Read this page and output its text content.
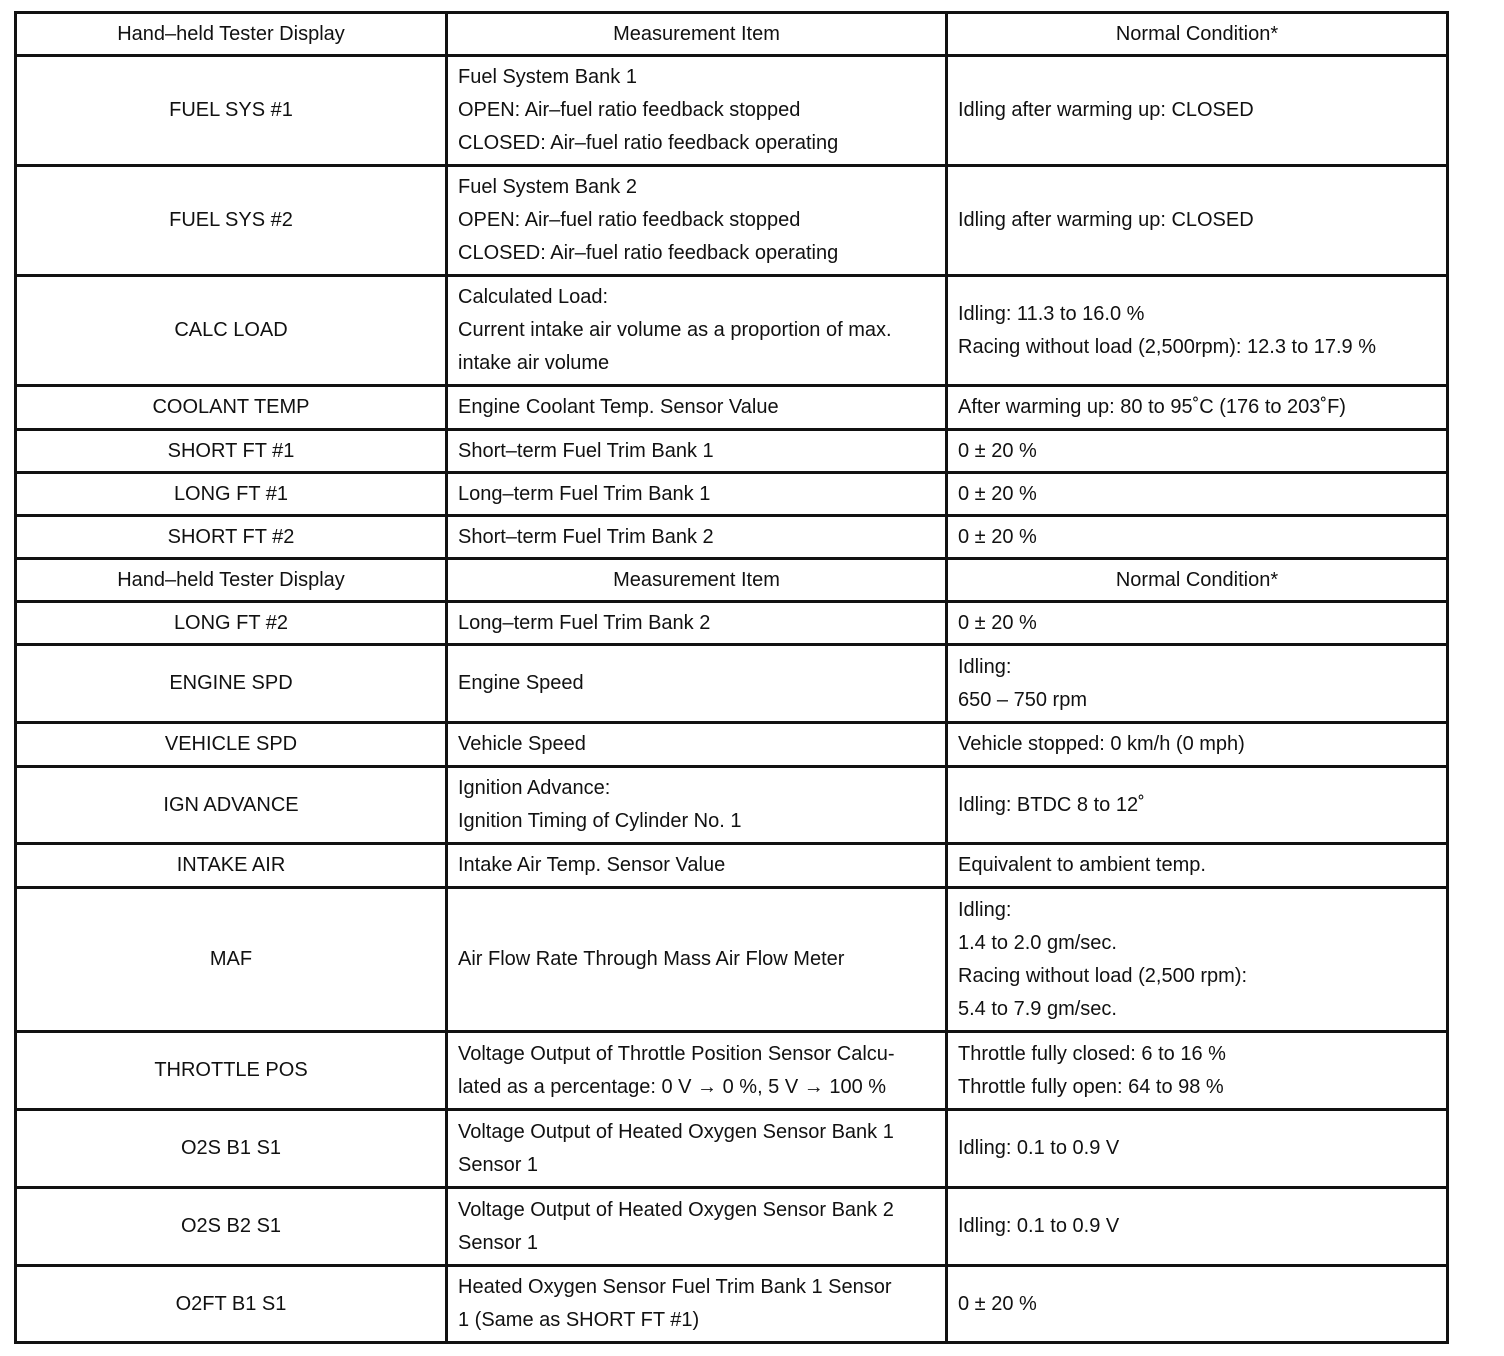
Hand–held Tester Display	Measurement Item	Normal Condition*
FUEL SYS #1	Fuel System Bank 1
OPEN: Air–fuel ratio feedback stopped
CLOSED: Air–fuel ratio feedback operating	Idling after warming up: CLOSED

FUEL SYS #2	Fuel System Bank 2
OPEN: Air–fuel ratio feedback stopped
CLOSED: Air–fuel ratio feedback operating	Idling after warming up: CLOSED

CALC LOAD	Calculated Load:
Current intake air volume as a proportion of max.
intake air volume	Idling: 11.3 to 16.0 %
Racing without load (2,500rpm): 12.3 to 17.9 %

COOLANT TEMP	Engine Coolant Temp. Sensor Value	After warming up: 80 to 95˚C (176 to 203˚F)

SHORT FT #1	Short–term Fuel Trim Bank 1	0 ± 20 %

LONG FT #1	Long–term Fuel Trim Bank 1	0 ± 20 %

SHORT FT #2	Short–term Fuel Trim Bank 2	0 ± 20 %

Hand–held Tester Display	Measurement Item	Normal Condition*

LONG FT #2	Long–term Fuel Trim Bank 2	0 ± 20 %

ENGINE SPD	Engine Speed	Idling:
650 – 750 rpm

VEHICLE SPD	Vehicle Speed	Vehicle stopped: 0 km/h (0 mph)

IGN ADVANCE	Ignition Advance:
Ignition Timing of Cylinder No. 1	Idling: BTDC 8 to 12˚

INTAKE AIR	Intake Air Temp. Sensor Value	Equivalent to ambient temp.

MAF	Air Flow Rate Through Mass Air Flow Meter	Idling:
1.4 to 2.0 gm/sec.
Racing without load (2,500 rpm):
5.4 to 7.9 gm/sec.

THROTTLE POS	Voltage Output of Throttle Position Sensor Calcu-
lated as a percentage: 0 V → 0 %, 5 V → 100 %	Throttle fully closed: 6 to 16 %
Throttle fully open: 64 to 98 %

O2S B1 S1	Voltage Output of Heated Oxygen Sensor Bank 1
Sensor 1	Idling: 0.1 to 0.9 V

O2S B2 S1	Voltage Output of Heated Oxygen Sensor Bank 2
Sensor 1	Idling: 0.1 to 0.9 V

O2FT B1 S1	Heated Oxygen Sensor Fuel Trim Bank 1 Sensor
1 (Same as SHORT FT #1)	0 ± 20 %
